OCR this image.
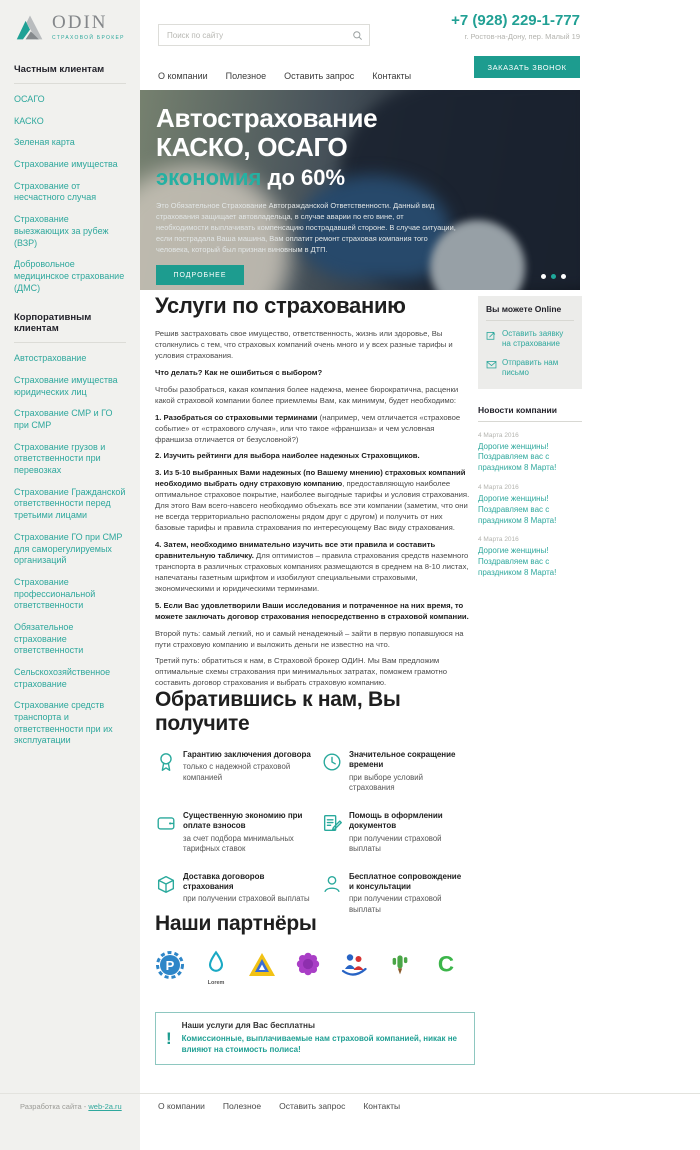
ODIN
СТРАХОВОЙ БРОКЕР
Частным клиентам
ОСАГО
КАСКО
Зеленая карта
Страхование имущества
Страхование от несчастного случая
Страхование выезжающих за рубеж (ВЗР)
Добровольное медицинское страхование (ДМС)
Корпоративным клиентам
Автострахование
Страхование имущества юридических лиц
Страхование СМР и ГО при СМР
Страхование грузов и ответственности при перевозках
Страхование Гражданской ответственности перед третьими лицами
Страхование ГО при СМР для саморегулируемых организаций
Страхование профессиональной ответственности
Обязательное страхование ответственности
Сельскохозяйственное страхование
Страхование средств транспорта и ответственности при их эксплуатации
Поиск по сайту
+7 (928) 229-1-777
г. Ростов-на-Дону, пер. Малый 19
ЗАКАЗАТЬ ЗВОНОК
О компании Полезное Оставить запрос Контакты
Автострахование
КАСКО, ОСАГО
экономия до 60%
Это Обязательное Страхование Автогражданской Ответственности. Данный вид страхования защищает автовладельца, в случае аварии по его вине, от необходимости выплачивать компенсацию пострадавшей стороне. В случае ситуации, если пострадала Ваша машина, Вам оплатит ремонт страховая компания того человека, который был признан виновным в ДТП.
ПОДРОБНЕЕ
Услуги по страхованию

Решив застраховать свое имущество, ответственность, жизнь или здоровье, Вы столкнулись с тем, что страховых компаний очень много и у всех разные тарифы и условия страхования.

Что делать? Как не ошибиться с выбором?

Чтобы разобраться, какая компания более надежна, менее бюрократична, расценки какой страховой компании более приемлемы Вам, как минимум, будет необходимо:

1. Разобраться со страховыми терминами (например, чем отличается «страховое событие» от «страхового случая», или что такое «франшиза» и чем условная франшиза отличается от безусловной?)

2. Изучить рейтинги для выбора наиболее надежных Страховщиков.

3. Из 5-10 выбранных Вами надежных (по Вашему мнению) страховых компаний необходимо выбрать одну страховую компанию, предоставляющую наиболее оптимальное страховое покрытие, наиболее выгодные тарифы и условия страхования. Для этого Вам всего-навсего необходимо объехать все эти компании (заметим, что они не всегда территориально расположены рядом друг с другом) и получить от них базовые тарифы и правила страхования по интересующему Вас виду страхования.

4. Затем, необходимо внимательно изучить все эти правила и составить сравнительную табличку. Для оптимистов – правила страхования средств наземного транспорта в различных страховых компаниях размещаются в среднем на 8-10 листах, напечатаны газетным шрифтом и изобилуют специальными страховыми, экономическими и юридическими терминами.

5. Если Вас удовлетворили Ваши исследования и потраченное на них время, то можете заключать договор страхования непосредственно в страховой компании.

Второй путь: самый легкий, но и самый ненадежный – зайти в первую попавшуюся на пути страховую компанию и выложить деньги не известно на что.

Третий путь: обратиться к нам, в Страховой брокер ОДИН. Мы Вам предложим оптимальные схемы страхования при минимальных затратах, поможем грамотно составить договор страхования и выбрать страховую компанию.

Вы можете Online
Оставить заявку на страхование
Отправить нам письмо
Новости компании
4 Марта 2016
Дорогие женщины! Поздравляем вас с праздником 8 Марта!
4 Марта 2016
Дорогие женщины! Поздравляем вас с праздником 8 Марта!
4 Марта 2016
Дорогие женщины! Поздравляем вас с праздником 8 Марта!
Обратившись к нам, Вы получите
Гарантию заключения договора
только с надежной страховой компанией
Значительное сокращение времени
при выборе условий страхования
Существенную экономию при оплате взносов
за счет подбора минимальных тарифных ставок
Помощь в оформлении документов
при получении страховой выплаты
Доставка договоров страхования
при получении страховой выплаты
Бесплатное сопровождение и консультации
при получении страховой выплаты
Наши партнёры
P
Lorem
C
!
Наши услуги для Вас бесплатны
Комиссионные, выплачиваемые нам страховой компанией, никак не влияют на стоимость полиса!
Разработка сайта - web-2a.ru	О компании Полезное Оставить запрос Контакты
